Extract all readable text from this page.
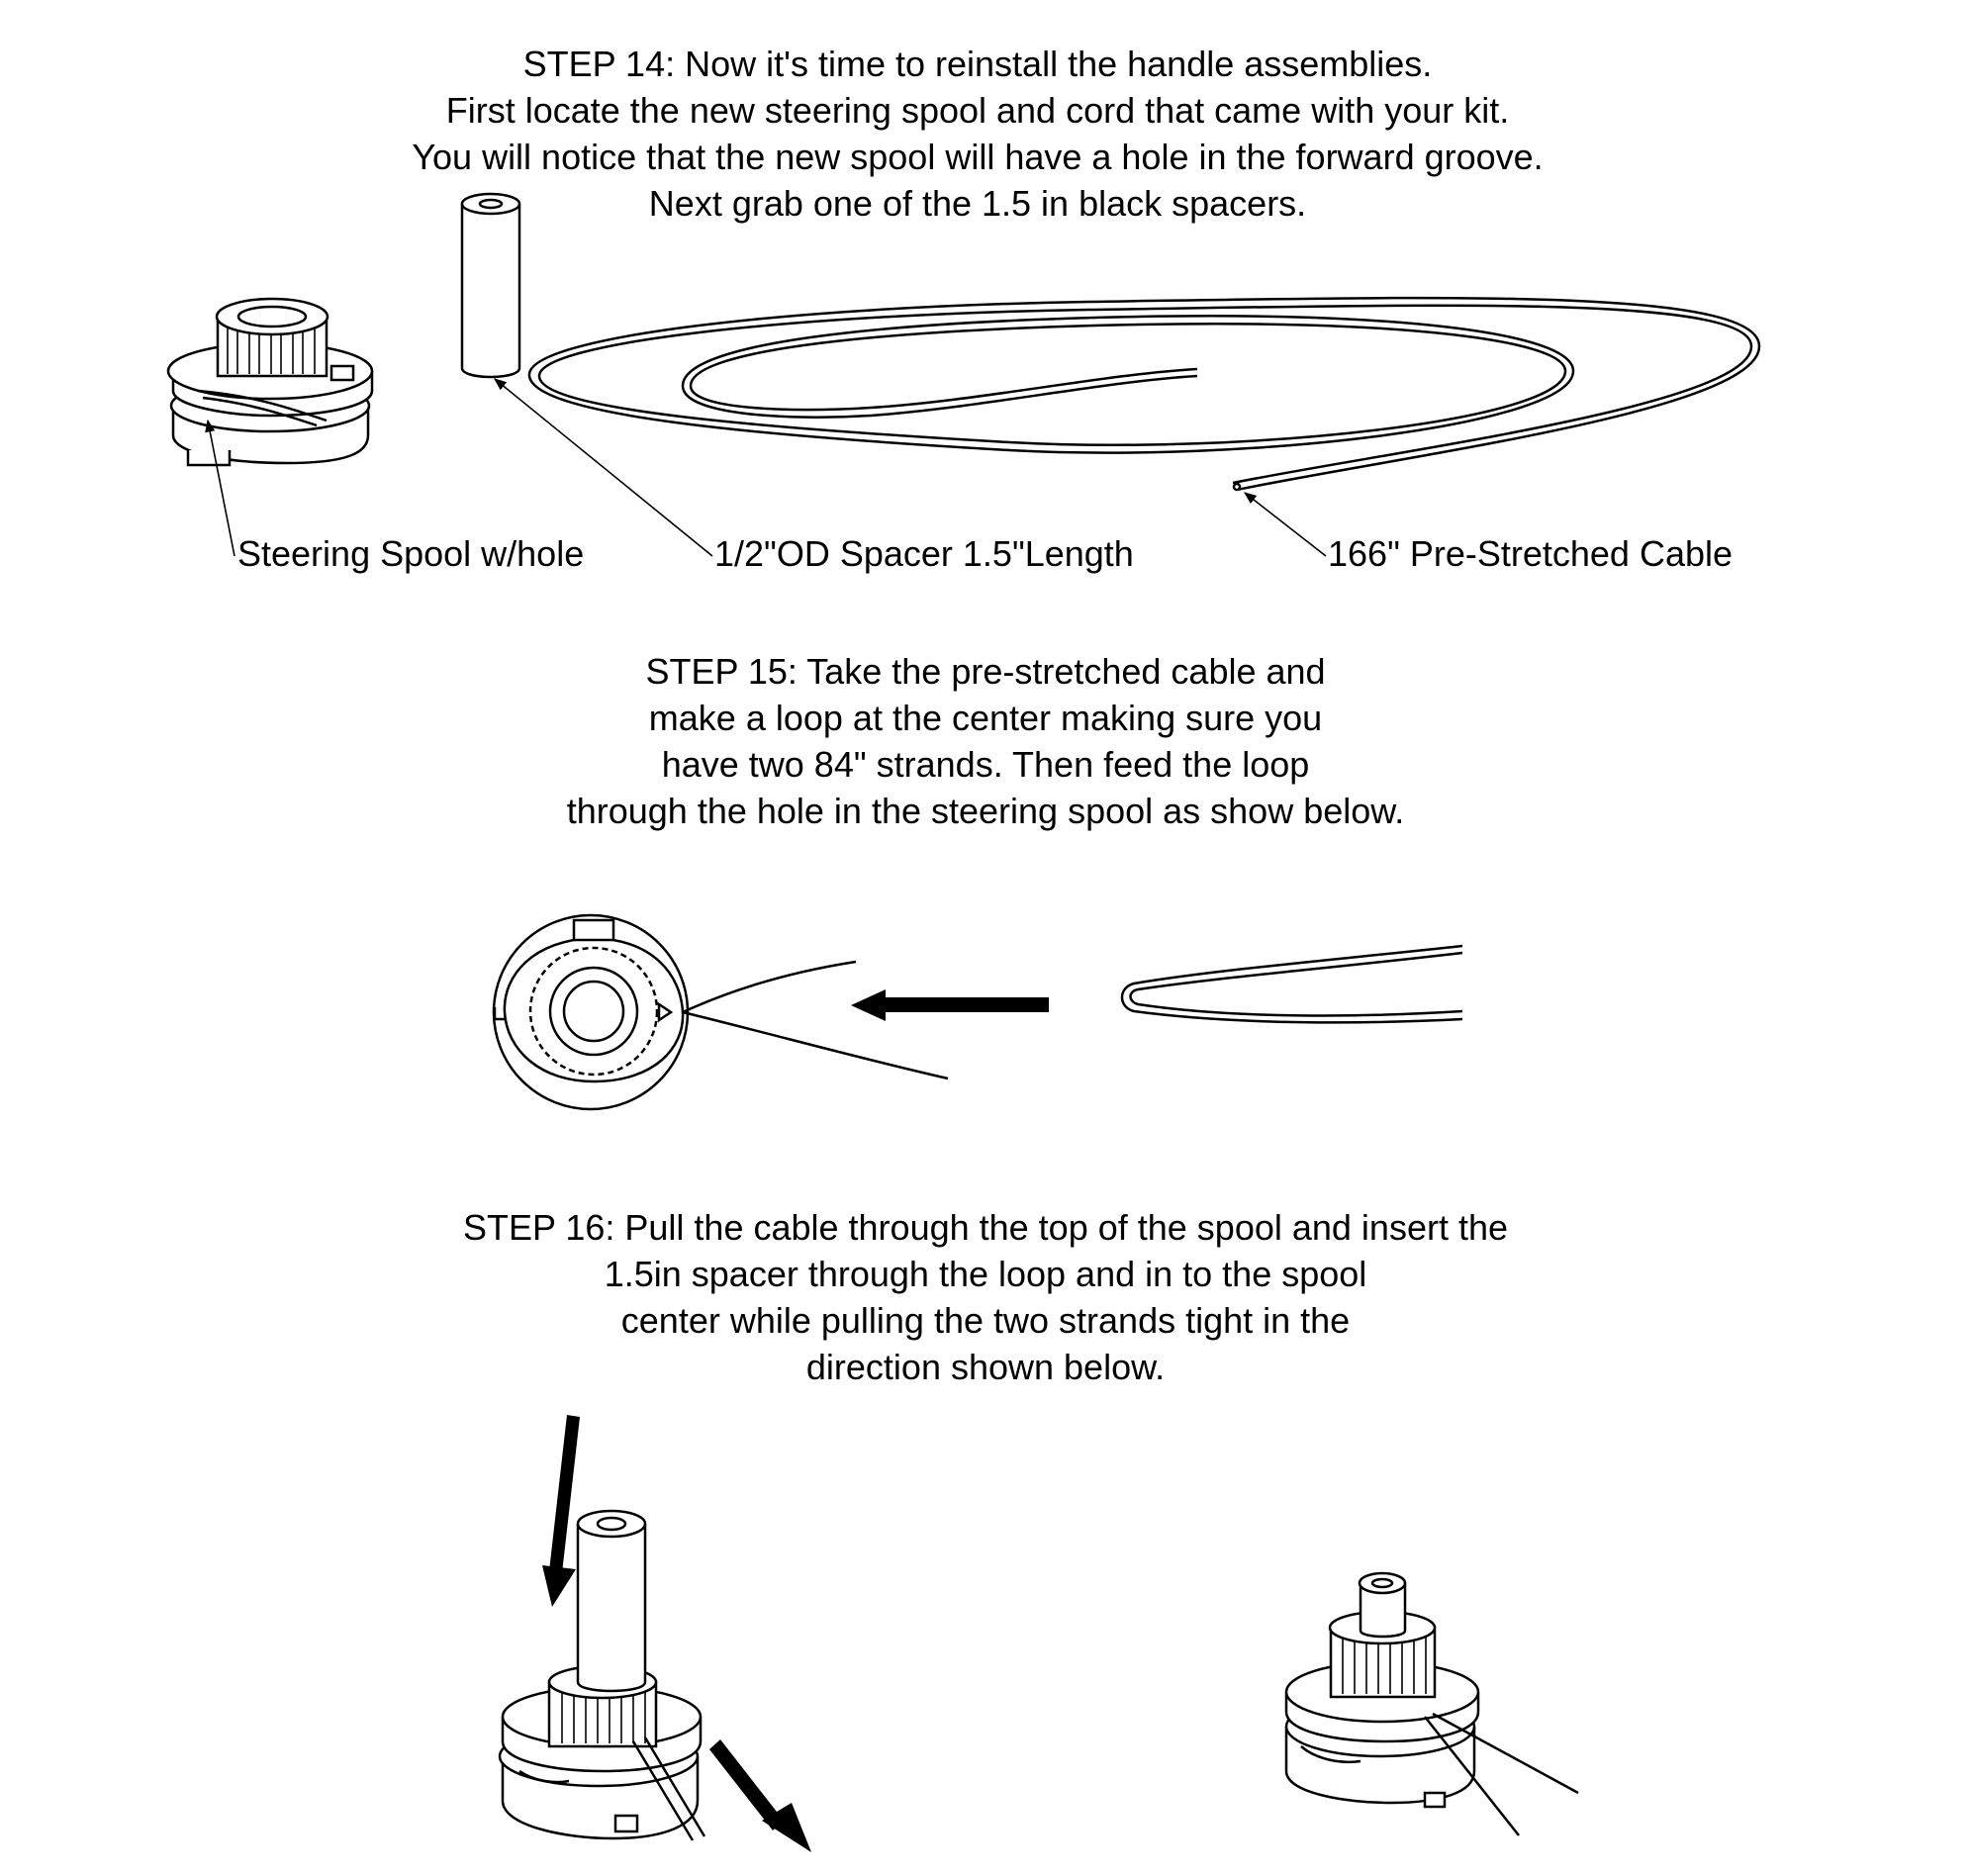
STEP 14: Now it's time to reinstall the handle assemblies.
First locate the new steering spool and cord that came with your kit.
You will notice that the new spool will have a hole in the forward groove.
Next grab one of the 1.5 in black spacers.
Steering Spool w/hole	1/2"OD Spacer 1.5"Length	166" Pre-Stretched Cable
STEP 15: Take the pre-stretched cable and
make a loop at the center making sure you
have two 84" strands. Then feed the loop
through the hole in the steering spool as show below.
STEP 16: Pull the cable through the top of the spool and insert the
1.5in spacer through the loop and in to the spool
center while pulling the two strands tight in the
direction shown below.
